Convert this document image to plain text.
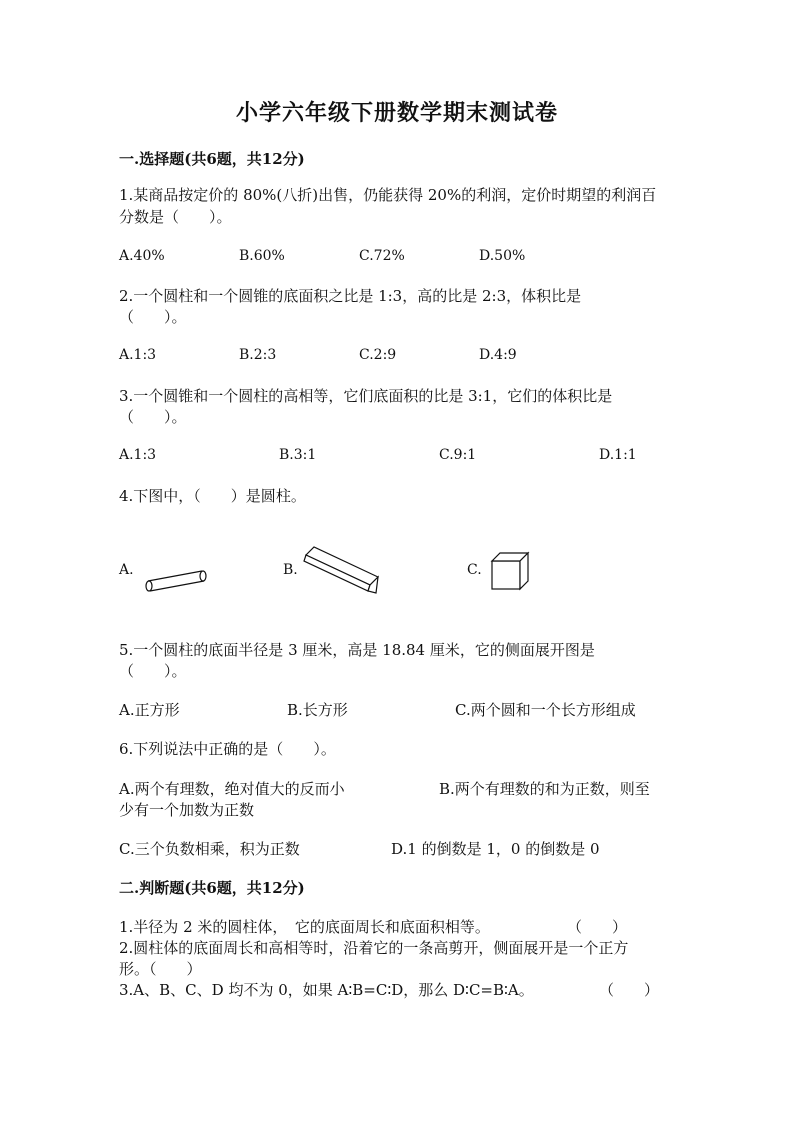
小学六年级下册数学期末测试卷
一.选择题(共6题，共12分)
1.某商品按定价的 80%(八折)出售，仍能获得 20%的利润，定价时期望的利润百
分数是（　　）。
A.40%	B.60%	C.72%	D.50%
2.一个圆柱和一个圆锥的底面积之比是 1:3，高的比是 2:3，体积比是
（　　）。
A.1:3	B.2:3	C.2:9	D.4:9
3.一个圆锥和一个圆柱的高相等，它们底面积的比是 3:1，它们的体积比是
（　　）。
A.1:3	B.3:1	C.9:1	D.1:1
4.下图中，（　　）是圆柱。
A.	B.	C.
5.一个圆柱的底面半径是 3 厘米，高是 18.84 厘米，它的侧面展开图是
（　　）。
A.正方形	B.长方形	C.两个圆和一个长方形组成
6.下列说法中正确的是（　　）。
A.两个有理数，绝对值大的反而小	B.两个有理数的和为正数，则至
少有一个加数为正数
C.三个负数相乘，积为正数	D.1 的倒数是 1，0 的倒数是 0
二.判断题(共6题，共12分)
1.半径为 2 米的圆柱体，　它的底面周长和底面积相等。	（　　）
2.圆柱体的底面周长和高相等时，沿着它的一条高剪开，侧面展开是一个正方
形。（　　）
3.A、B、C、D 均不为 0，如果 A∶B=C∶D，那么 D∶C=B∶A。	（　　）
